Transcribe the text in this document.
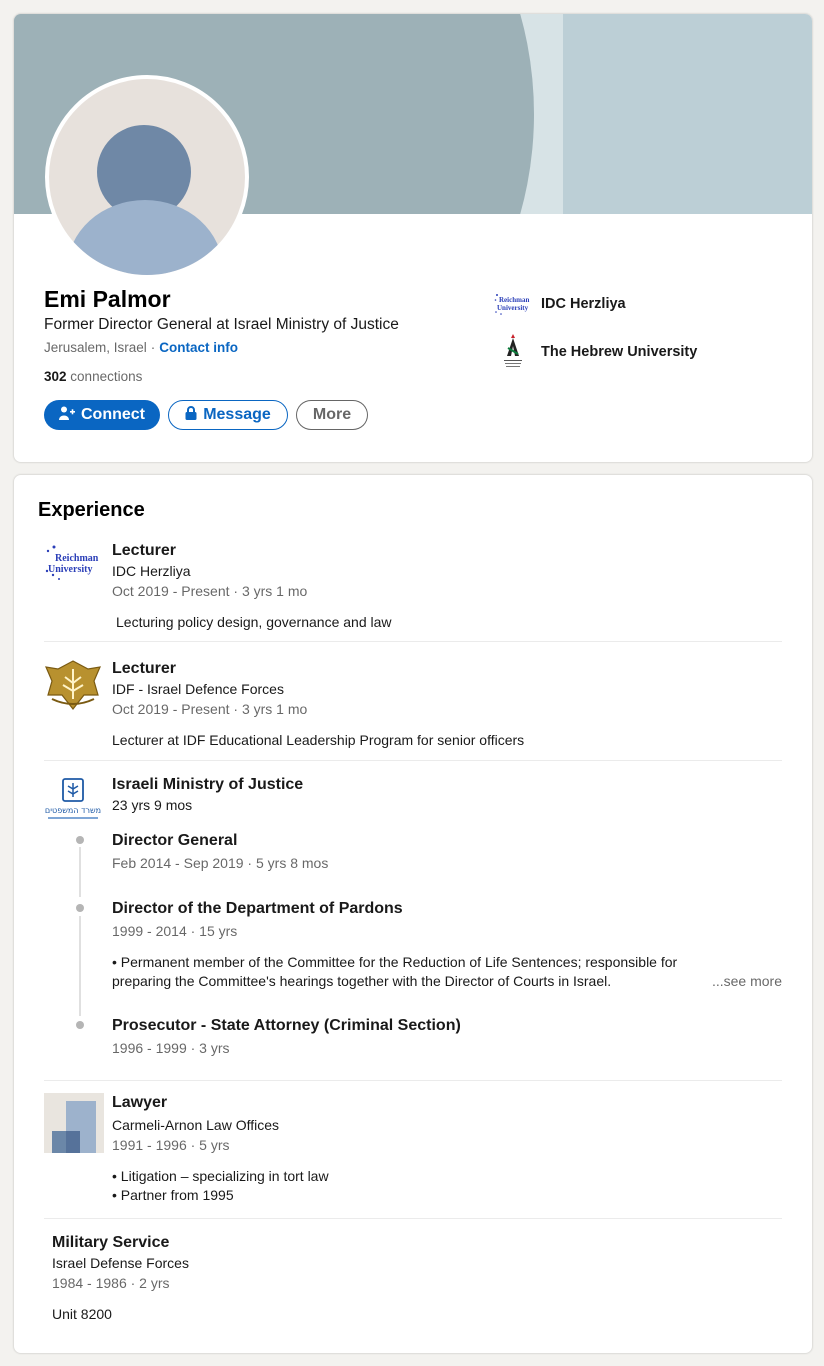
Emi Palmor
Former Director General at Israel Ministry of Justice
Jerusalem, Israel · Contact info
302 connections
Connect	Message	More
Reichman
University IDC Herzliya
The Hebrew University
Experience
Reichman
University
Lecturer
IDC Herzliya
Oct 2019 - Present · 3 yrs 1 mo
Lecturing policy design, governance and law
Lecturer
IDF - Israel Defence Forces
Oct 2019 - Present · 3 yrs 1 mo
Lecturer at IDF Educational Leadership Program for senior officers
משרד המשפטים
Israeli Ministry of Justice
23 yrs 9 mos
Director General
Feb 2014 - Sep 2019 · 5 yrs 8 mos
Director of the Department of Pardons
1999 - 2014 · 15 yrs
• Permanent member of the Committee for the Reduction of Life Sentences; responsible for
preparing the Committee's hearings together with the Director of Courts in Israel.	...see more
Prosecutor - State Attorney (Criminal Section)
1996 - 1999 · 3 yrs
Lawyer
Carmeli-Arnon Law Offices
1991 - 1996 · 5 yrs
• Litigation – specializing in tort law
• Partner from 1995
Military Service
Israel Defense Forces
1984 - 1986 · 2 yrs
Unit 8200
